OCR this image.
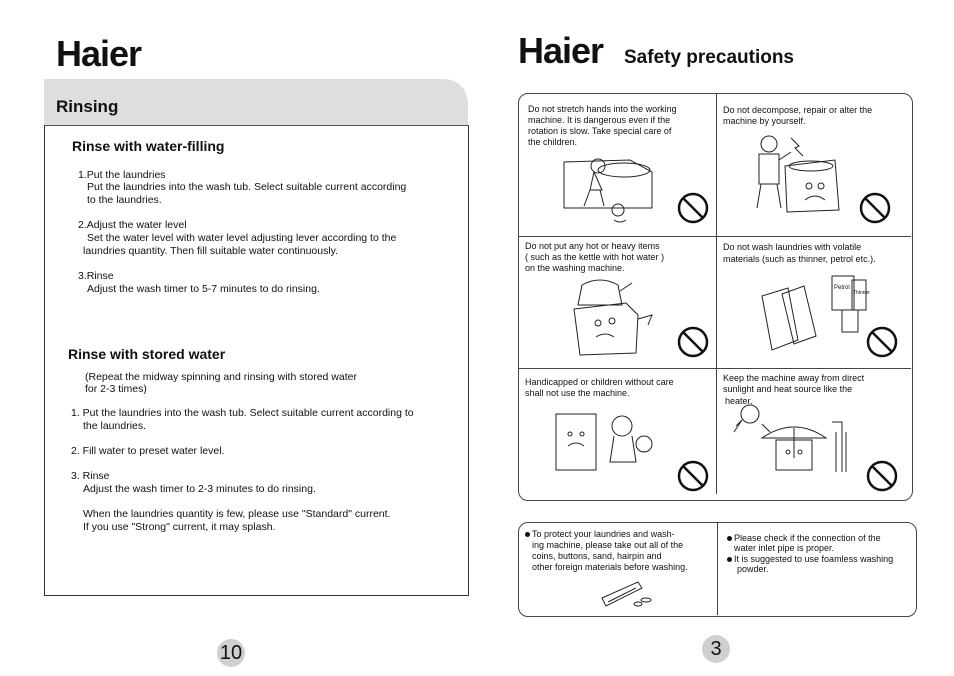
Haier
Rinsing
Rinse with water-filling
1.Put the laundries
Put the laundries into the wash tub. Select suitable current according
to the laundries.
2.Adjust the water level
Set the water level with water level adjusting lever according to the
laundries quantity. Then fill suitable water continuously.
3.Rinse
Adjust the wash timer to 5-7 minutes to do rinsing.
Rinse with stored water
(Repeat the midway spinning and rinsing with stored water
for 2-3 times)
1. Put the laundries into the wash tub. Select suitable current according to
the laundries.
2. Fill water to preset water level.
3. Rinse
Adjust the wash timer to 2-3 minutes to do rinsing.
When the laundries quantity is few, please use "Standard" current.
If you use "Strong" current, it may splash.
10
Haier Safety precautions
Do not stretch hands into the working
machine. It is dangerous even if the
rotation is slow. Take special care of
the children.
Do not decompose, repair or alter the
machine by yourself.
Do not put any hot or heavy items
( such as the kettle with hot water )
on the washing machine.
Do not wash laundries with volatile
materials (such as thinner, petrol etc.).
Handicapped or children without care
shall not use the machine.
Keep the machine away from direct
sunlight and heat source like the
heater.
Petrol
Thinner
To protect your laundries and wash-
ing machine, please take out all of the
coins, buttons, sand, hairpin and
other foreign materials before washing.
Please check if the connection of the
water inlet pipe is proper.
It is suggested to use foamless washing
powder.
3
